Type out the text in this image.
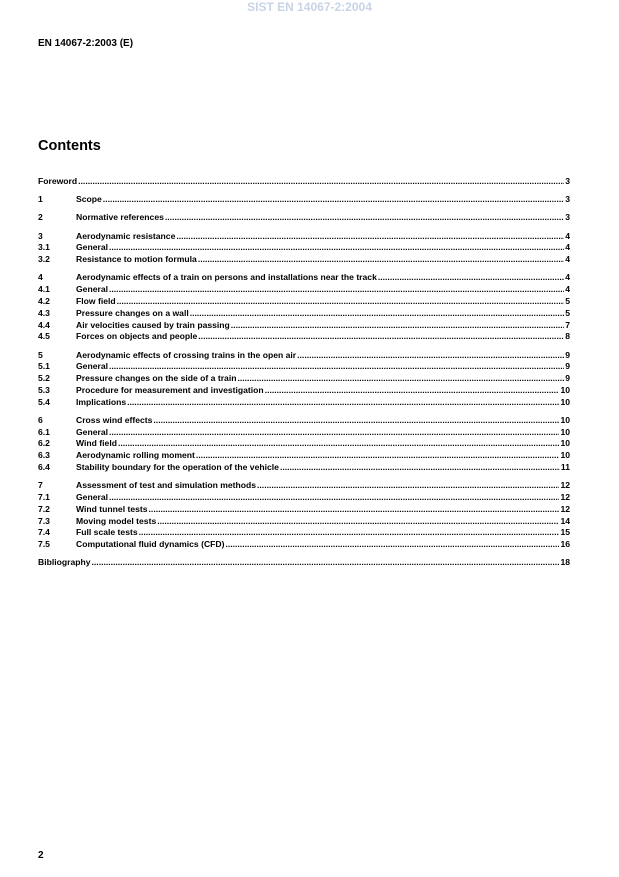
SIST EN 14067-2:2004
EN 14067-2:2003 (E)
Contents
Foreword .....	3
1	Scope .....	3
2	Normative references .....	3
3	Aerodynamic resistance .....	4
3.1	General .....	4
3.2	Resistance to motion formula .....	4
4	Aerodynamic effects of a train on persons and installations near the track .....	4
4.1	General .....	4
4.2	Flow field .....	5
4.3	Pressure changes on a wall .....	5
4.4	Air velocities caused by train passing .....	7
4.5	Forces on objects and people .....	8
5	Aerodynamic effects of crossing trains in the open air .....	9
5.1	General .....	9
5.2	Pressure changes on the side of a train .....	9
5.3	Procedure for measurement and investigation .....	10
5.4	Implications .....	10
6	Cross wind effects .....	10
6.1	General .....	10
6.2	Wind field .....	10
6.3	Aerodynamic rolling moment .....	10
6.4	Stability boundary for the operation of the vehicle .....	11
7	Assessment of test and simulation methods .....	12
7.1	General .....	12
7.2	Wind tunnel tests .....	12
7.3	Moving model tests .....	14
7.4	Full scale tests .....	15
7.5	Computational fluid dynamics (CFD) .....	16
Bibliography .....	18
2
